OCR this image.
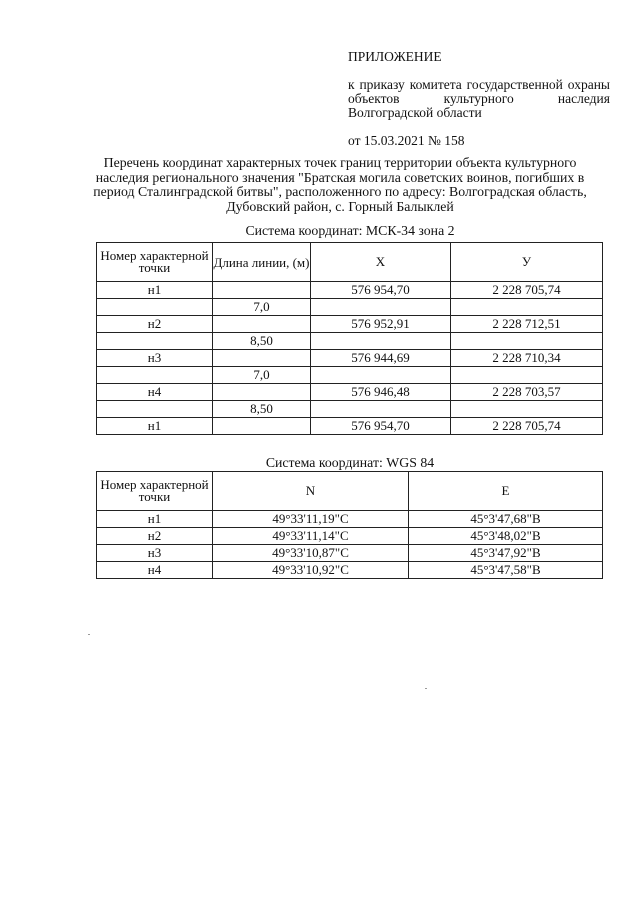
ПРИЛОЖЕНИЕ
к приказу комитета государственной охраны объектов культурного наследия Волгоградской области
от 15.03.2021 № 158
Перечень координат характерных точек границ территории объекта культурного наследия регионального значения "Братская могила советских воинов, погибших в период Сталинградской битвы", расположенного по адресу: Волгоградская область, Дубовский район, с. Горный Балыклей
Система координат: МСК-34 зона 2
Номер характерной точки	Длина линии, (м)	X	У
н1		576 954,70	2 228 705,74
	7,0		
н2		576 952,91	2 228 712,51
	8,50		
н3		576 944,69	2 228 710,34
	7,0		
н4		576 946,48	2 228 703,57
	8,50		
н1		576 954,70	2 228 705,74
Система координат: WGS 84
Номер характерной точки	N	E
н1	49°33'11,19"С	45°3'47,68"В
н2	49°33'11,14"С	45°3'48,02"В
н3	49°33'10,87"С	45°3'47,92"В
н4	49°33'10,92"С	45°3'47,58"В
